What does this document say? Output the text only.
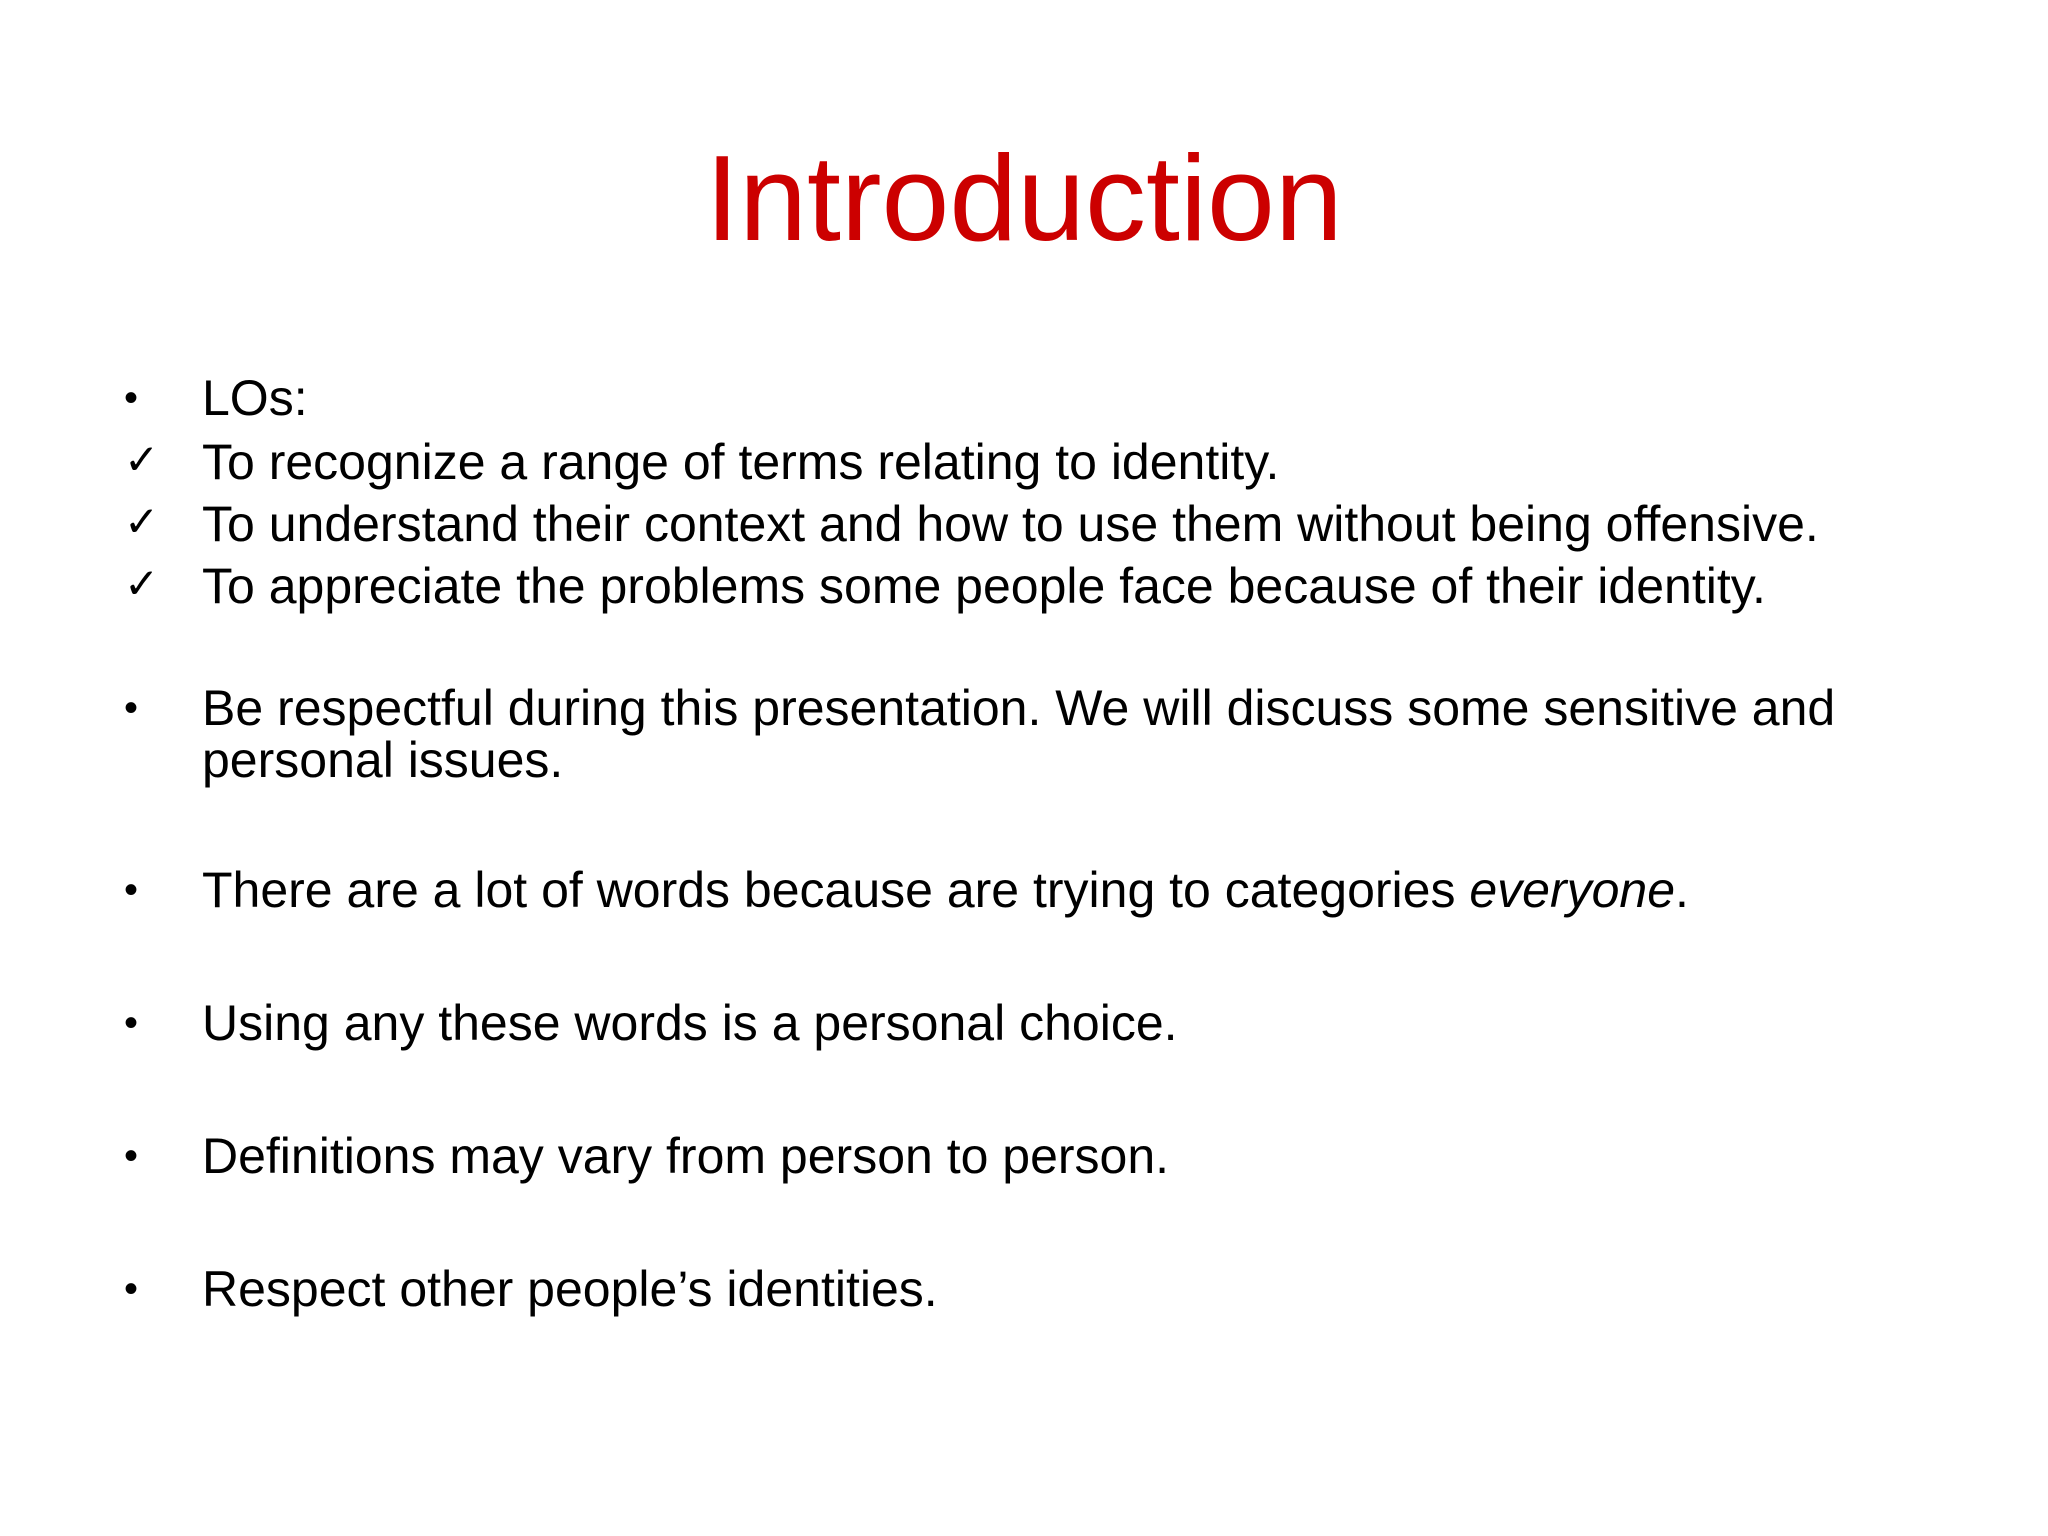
Introduction
• LOs:
✓ To recognize a range of terms relating to identity.
✓ To understand their context and how to use them without being offensive.
✓ To appreciate the problems some people face because of their identity.
• Be respectful during this presentation. We will discuss some sensitive and personal issues.
• There are a lot of words because are trying to categories everyone.
• Using any these words is a personal choice.
• Definitions may vary from person to person.
• Respect other people’s identities.
